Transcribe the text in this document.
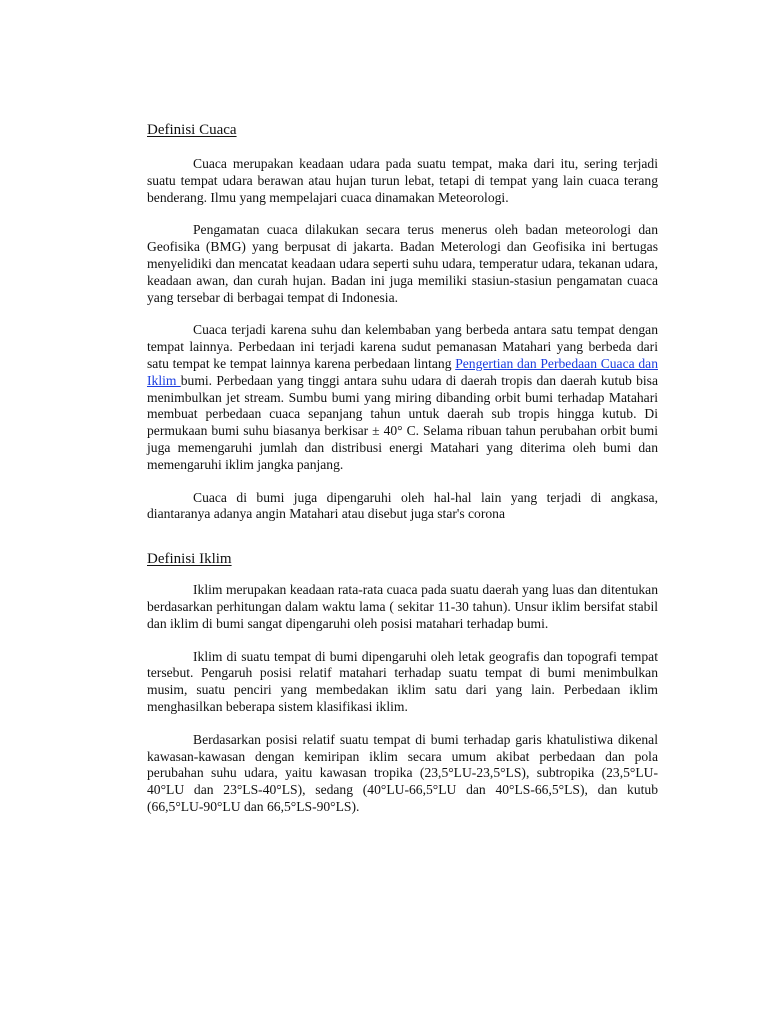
Definisi Cuaca

Cuaca merupakan keadaan udara pada suatu tempat, maka dari itu, sering terjadi suatu tempat udara berawan atau hujan turun lebat, tetapi di tempat yang lain cuaca terang benderang. Ilmu yang mempelajari cuaca dinamakan Meteorologi.

Pengamatan cuaca dilakukan secara terus menerus oleh badan meteorologi dan Geofisika (BMG) yang berpusat di jakarta. Badan Meterologi dan Geofisika ini bertugas menyelidiki dan mencatat keadaan udara seperti suhu udara, temperatur udara, tekanan udara, keadaan awan, dan curah hujan. Badan ini juga memiliki stasiun-stasiun pengamatan cuaca yang tersebar di berbagai tempat di Indonesia.

Cuaca terjadi karena suhu dan kelembaban yang berbeda antara satu tempat dengan tempat lainnya. Perbedaan ini terjadi karena sudut pemanasan Matahari yang berbeda dari satu tempat ke tempat lainnya karena perbedaan lintang Pengertian dan Perbedaan Cuaca dan Iklim bumi. Perbedaan yang tinggi antara suhu udara di daerah tropis dan daerah kutub bisa menimbulkan jet stream. Sumbu bumi yang miring dibanding orbit bumi terhadap Matahari membuat perbedaan cuaca sepanjang tahun untuk daerah sub tropis hingga kutub. Di permukaan bumi suhu biasanya berkisar ± 40° C. Selama ribuan tahun perubahan orbit bumi juga memengaruhi jumlah dan distribusi energi Matahari yang diterima oleh bumi dan memengaruhi iklim jangka panjang.

Cuaca di bumi juga dipengaruhi oleh hal-hal lain yang terjadi di angkasa, diantaranya adanya angin Matahari atau disebut juga star's corona

Definisi Iklim

Iklim merupakan keadaan rata-rata cuaca pada suatu daerah yang luas dan ditentukan berdasarkan perhitungan dalam waktu lama ( sekitar 11-30 tahun). Unsur iklim bersifat stabil dan iklim di bumi sangat dipengaruhi oleh posisi matahari terhadap bumi.

Iklim di suatu tempat di bumi dipengaruhi oleh letak geografis dan topografi tempat tersebut. Pengaruh posisi relatif matahari terhadap suatu tempat di bumi menimbulkan musim, suatu penciri yang membedakan iklim satu dari yang lain. Perbedaan iklim menghasilkan beberapa sistem klasifikasi iklim.

Berdasarkan posisi relatif suatu tempat di bumi terhadap garis khatulistiwa dikenal kawasan-kawasan dengan kemiripan iklim secara umum akibat perbedaan dan pola perubahan suhu udara, yaitu kawasan tropika (23,5°LU-23,5°LS), subtropika (23,5°LU-40°LU dan 23°LS-40°LS), sedang (40°LU-66,5°LU dan 40°LS-66,5°LS), dan kutub (66,5°LU-90°LU dan 66,5°LS-90°LS).
